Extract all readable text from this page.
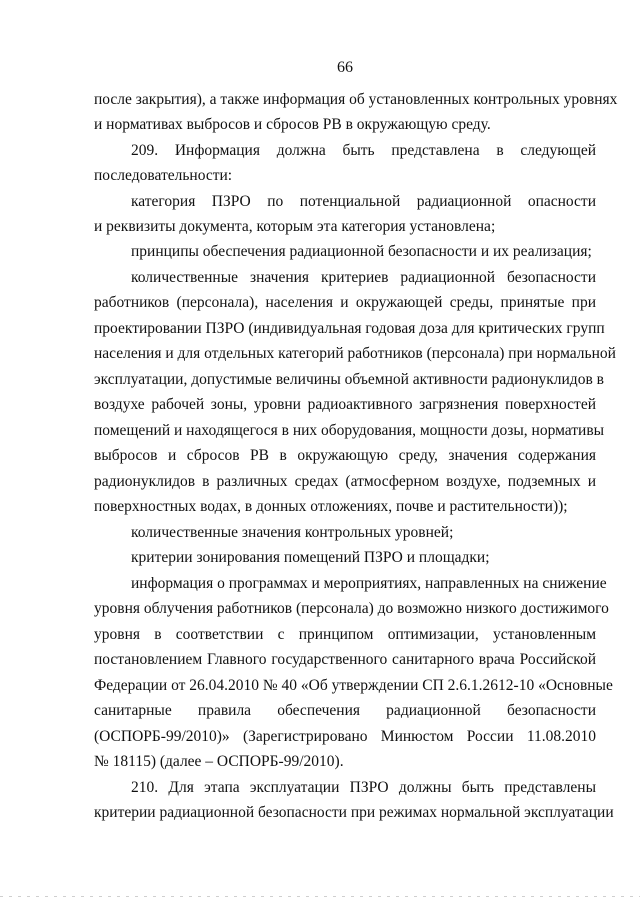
66
после закрытия), а также информация об установленных контрольных уровнях
и нормативах выбросов и сбросов РВ в окружающую среду.
209. Информация должна быть представлена в следующей
последовательности:
категория ПЗРО по потенциальной радиационной опасности
и реквизиты документа, которым эта категория установлена;
принципы обеспечения радиационной безопасности и их реализация;
количественные значения критериев радиационной безопасности
работников (персонала), населения и окружающей среды, принятые при
проектировании ПЗРО (индивидуальная годовая доза для критических групп
населения и для отдельных категорий работников (персонала) при нормальной
эксплуатации, допустимые величины объемной активности радионуклидов в
воздухе рабочей зоны, уровни радиоактивного загрязнения поверхностей
помещений и находящегося в них оборудования, мощности дозы, нормативы
выбросов и сбросов РВ в окружающую среду, значения содержания
радионуклидов в различных средах (атмосферном воздухе, подземных и
поверхностных водах, в донных отложениях, почве и растительности));
количественные значения контрольных уровней;
критерии зонирования помещений ПЗРО и площадки;
информация о программах и мероприятиях, направленных на снижение
уровня облучения работников (персонала) до возможно низкого достижимого
уровня в соответствии с принципом оптимизации, установленным
постановлением Главного государственного санитарного врача Российской
Федерации от 26.04.2010 № 40 «Об утверждении СП 2.6.1.2612-10 «Основные
санитарные правила обеспечения радиационной безопасности
(ОСПОРБ-99/2010)» (Зарегистрировано Минюстом России 11.08.2010
№ 18115) (далее – ОСПОРБ-99/2010).
210. Для этапа эксплуатации ПЗРО должны быть представлены
критерии радиационной безопасности при режимах нормальной эксплуатации
